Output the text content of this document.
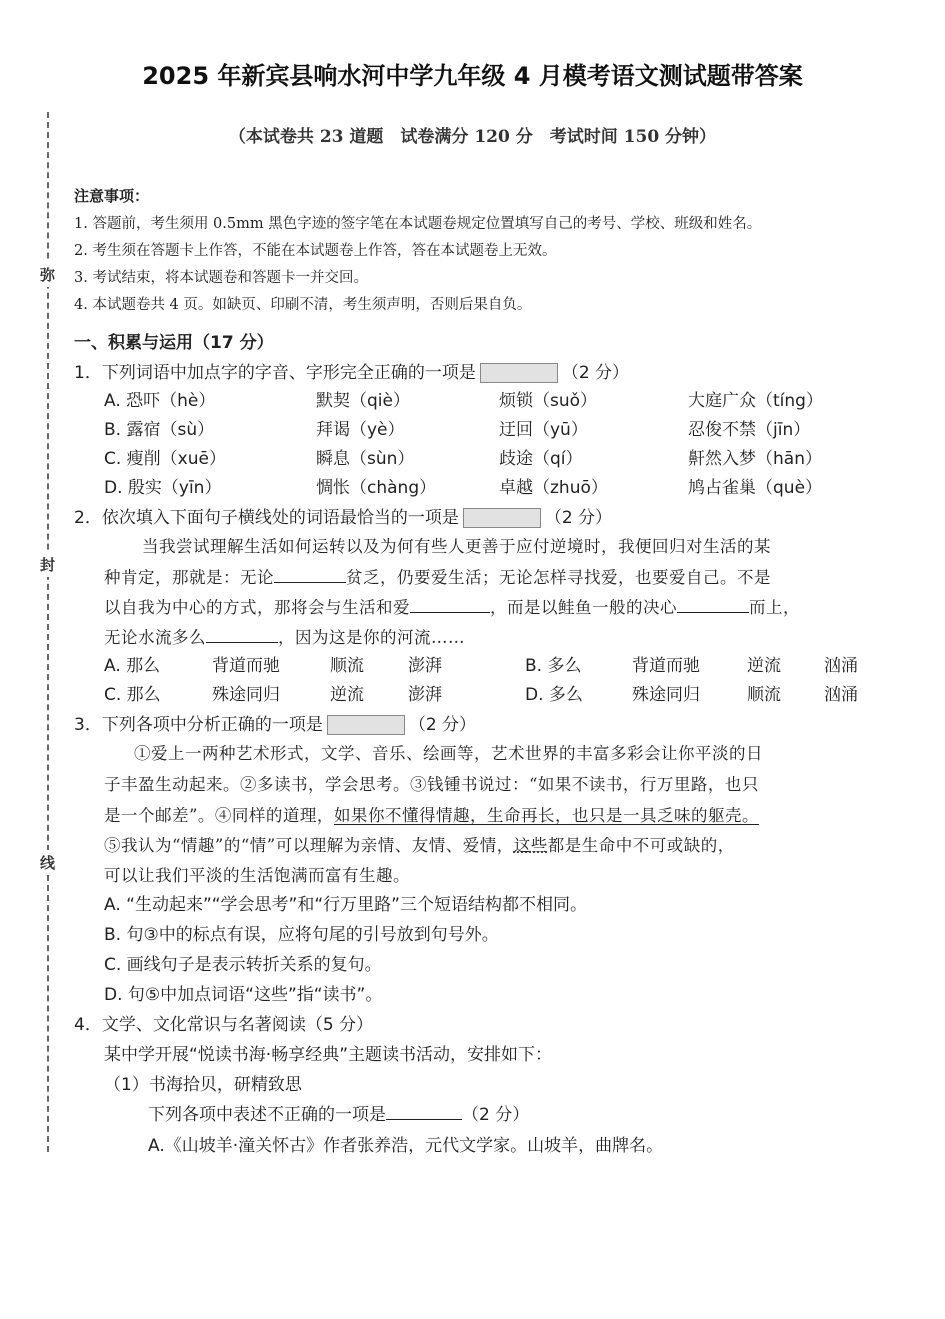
2025 年新宾县响水河中学九年级 4 月模考语文测试题带答案
（本试卷共 23 道题　试卷满分 120 分　考试时间 150 分钟）
弥
封
线
注意事项：
1. 答题前，考生须用 0.5mm 黑色字迹的签字笔在本试题卷规定位置填写自己的考号、学校、班级和姓名。
2. 考生须在答题卡上作答，不能在本试题卷上作答，答在本试题卷上无效。
3. 考试结束，将本试题卷和答题卡一并交回。
4. 本试题卷共 4 页。如缺页、印刷不清，考生须声明，否则后果自负。
一、积累与运用（17 分）
1．下列词语中加点字的字音、字形完全正确的一项是	（2 分）
A. 恐吓（hè）	默契（qiè）	烦锁（suǒ）	大庭广众（tíng）
B. 露宿（sù）	拜谒（yè）	迂回（yū）	忍俊不禁（jīn）
C. 瘦削（xuē）	瞬息（sùn）	歧途（qí）	鼾然入梦（hān）
D. 殷实（yīn）	惆怅（chàng）	卓越（zhuō）	鸠占雀巢（què）
2．依次填入下面句子横线处的词语最恰当的一项是	（2 分）
当我尝试理解生活如何运转以及为何有些人更善于应付逆境时，我便回归对生活的某
种肯定，那就是：无论	贫乏，仍要爱生活；无论怎样寻找爱，也要爱自己。不是
以自我为中心的方式，那将会与生活和爱	，而是以鲑鱼一般的决心	而上，
无论水流多么	，因为这是你的河流……
A. 那么	背道而驰	顺流	澎湃	B. 多么	背道而驰	逆流	汹涌
C. 那么	殊途同归	逆流	澎湃	D. 多么	殊途同归	顺流	汹涌
3．下列各项中分析正确的一项是	（2 分）
①爱上一两种艺术形式，文学、音乐、绘画等，艺术世界的丰富多彩会让你平淡的日
子丰盈生动起来。②多读书，学会思考。③钱锺书说过：“如果不读书，行万里路，也只
是一个邮差”。④同样的道理，如果你不懂得情趣，生命再长，也只是一具乏味的躯壳。
⑤我认为“情趣”的“情”可以理解为亲情、友情、爱情，这些都是生命中不可或缺的，
可以让我们平淡的生活饱满而富有生趣。
A. “生动起来”“学会思考”和“行万里路”三个短语结构都不相同。
B. 句③中的标点有误，应将句尾的引号放到句号外。
C. 画线句子是表示转折关系的复句。
D. 句⑤中加点词语“这些”指“读书”。
4．文学、文化常识与名著阅读（5 分）
某中学开展“悦读书海·畅享经典”主题读书活动，安排如下：
（1）书海拾贝，研精致思
下列各项中表述不正确的一项是	（2 分）
A.《山坡羊·潼关怀古》作者张养浩，元代文学家。山坡羊，曲牌名。
